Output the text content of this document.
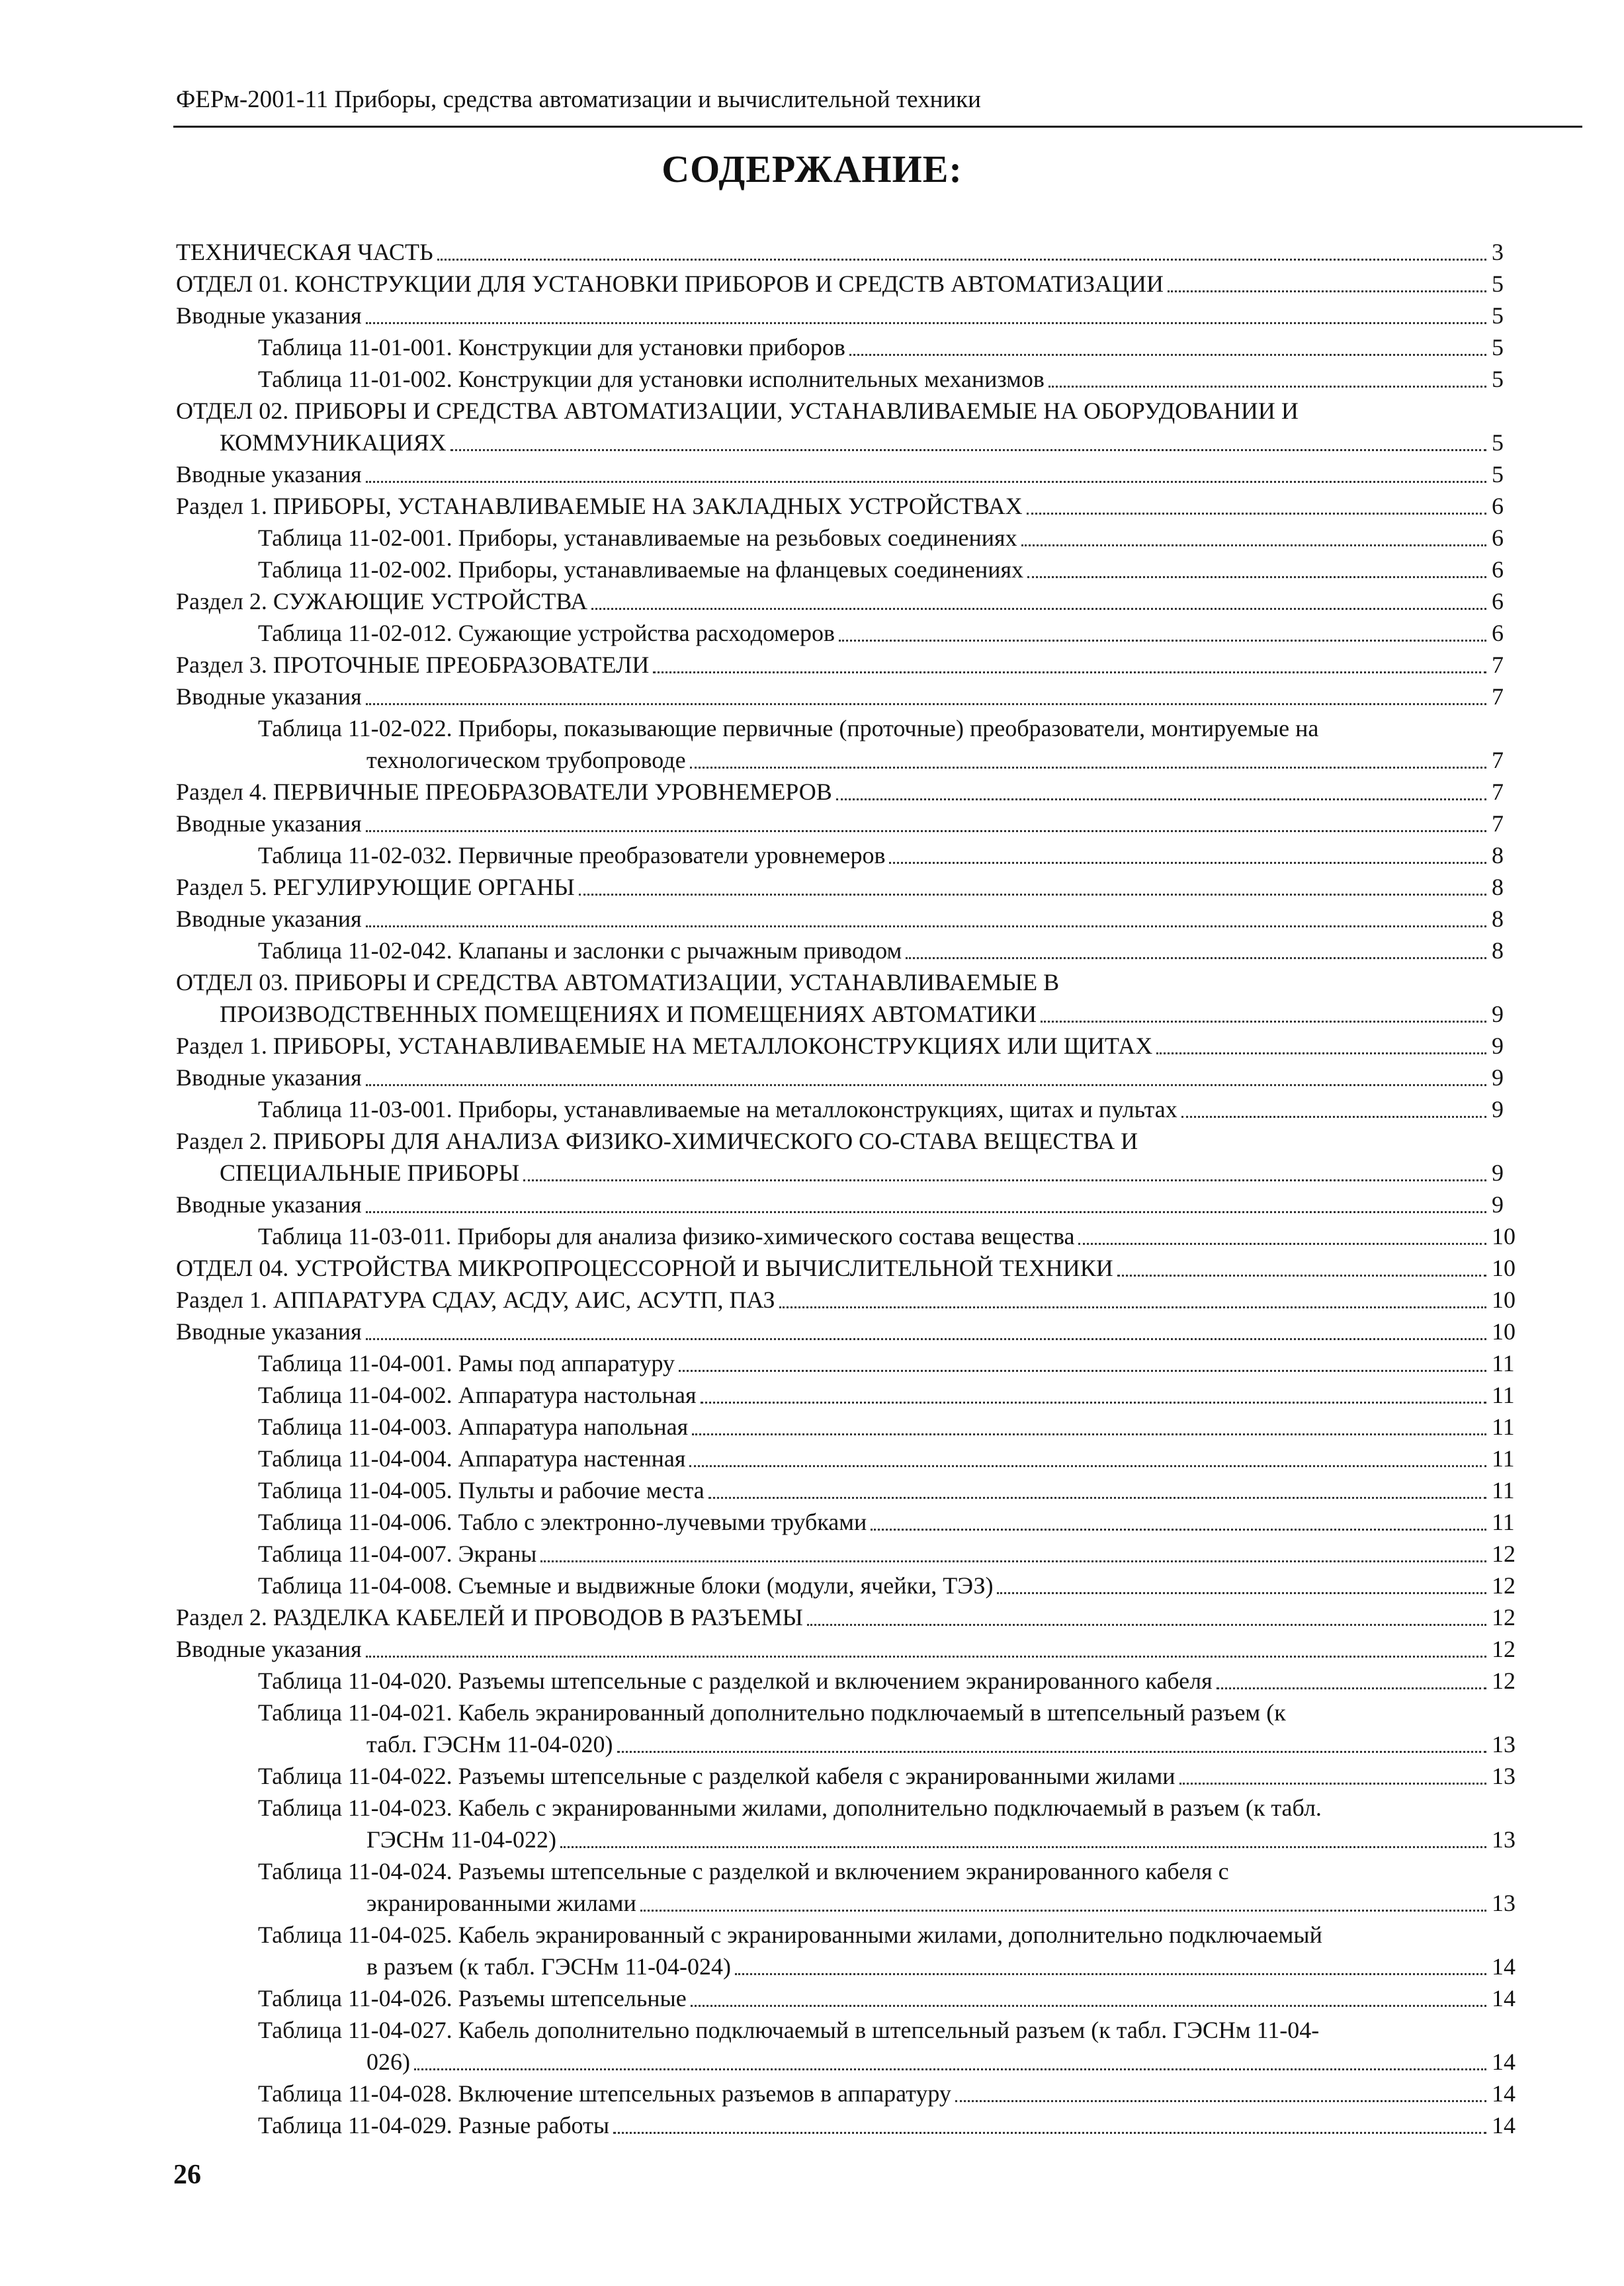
ФЕРм-2001-11 Приборы, средства автоматизации и вычислительной техники
СОДЕРЖАНИЕ:
ТЕХНИЧЕСКАЯ ЧАСТЬ	3
ОТДЕЛ 01. КОНСТРУКЦИИ ДЛЯ УСТАНОВКИ ПРИБОРОВ И СРЕДСТВ АВТОМАТИЗАЦИИ	5
Вводные указания	5
Таблица 11-01-001. Конструкции для установки приборов	5
Таблица 11-01-002. Конструкции для установки исполнительных механизмов	5
ОТДЕЛ 02. ПРИБОРЫ И СРЕДСТВА АВТОМАТИЗАЦИИ, УСТАНАВЛИВАЕМЫЕ НА ОБОРУДОВАНИИ И
КОММУНИКАЦИЯХ	5
Вводные указания	5
Раздел 1. ПРИБОРЫ, УСТАНАВЛИВАЕМЫЕ НА ЗАКЛАДНЫХ УСТРОЙСТВАХ	6
Таблица 11-02-001. Приборы, устанавливаемые на резьбовых соединениях	6
Таблица 11-02-002. Приборы, устанавливаемые на фланцевых соединениях	6
Раздел 2. СУЖАЮЩИЕ УСТРОЙСТВА	6
Таблица 11-02-012. Сужающие устройства расходомеров	6
Раздел 3. ПРОТОЧНЫЕ ПРЕОБРАЗОВАТЕЛИ	7
Вводные указания	7
Таблица 11-02-022. Приборы, показывающие первичные (проточные) преобразователи, монтируемые на
технологическом трубопроводе	7
Раздел 4. ПЕРВИЧНЫЕ ПРЕОБРАЗОВАТЕЛИ УРОВНЕМЕРОВ	7
Вводные указания	7
Таблица 11-02-032. Первичные преобразователи уровнемеров	8
Раздел 5. РЕГУЛИРУЮЩИЕ ОРГАНЫ	8
Вводные указания	8
Таблица 11-02-042. Клапаны и заслонки с рычажным приводом	8
ОТДЕЛ 03. ПРИБОРЫ И СРЕДСТВА АВТОМАТИЗАЦИИ, УСТАНАВЛИВАЕМЫЕ В
ПРОИЗВОДСТВЕННЫХ ПОМЕЩЕНИЯХ И ПОМЕЩЕНИЯХ АВТОМАТИКИ	9
Раздел 1. ПРИБОРЫ, УСТАНАВЛИВАЕМЫЕ НА МЕТАЛЛОКОНСТРУКЦИЯХ ИЛИ ЩИТАХ	9
Вводные указания	9
Таблица 11-03-001. Приборы, устанавливаемые на металлоконструкциях, щитах и пультах	9
Раздел 2. ПРИБОРЫ ДЛЯ АНАЛИЗА ФИЗИКО-ХИМИЧЕСКОГО СО-СТАВА ВЕЩЕСТВА И
СПЕЦИАЛЬНЫЕ ПРИБОРЫ	9
Вводные указания	9
Таблица 11-03-011. Приборы для анализа физико-химического состава вещества	10
ОТДЕЛ 04. УСТРОЙСТВА МИКРОПРОЦЕССОРНОЙ И ВЫЧИСЛИТЕЛЬНОЙ ТЕХНИКИ	10
Раздел 1. АППАРАТУРА СДАУ, АСДУ, АИС, АСУТП, ПАЗ	10
Вводные указания	10
Таблица 11-04-001. Рамы под аппаратуру	11
Таблица 11-04-002. Аппаратура настольная	11
Таблица 11-04-003. Аппаратура напольная	11
Таблица 11-04-004. Аппаратура настенная	11
Таблица 11-04-005. Пульты и рабочие места	11
Таблица 11-04-006. Табло с электронно-лучевыми трубками	11
Таблица 11-04-007. Экраны	12
Таблица 11-04-008. Съемные и выдвижные блоки (модули, ячейки, ТЭЗ)	12
Раздел 2. РАЗДЕЛКА КАБЕЛЕЙ И ПРОВОДОВ В РАЗЪЕМЫ	12
Вводные указания	12
Таблица 11-04-020. Разъемы штепсельные с разделкой и включением экранированного кабеля	12
Таблица 11-04-021. Кабель экранированный дополнительно подключаемый в штепсельный разъем (к
табл. ГЭСНм 11-04-020)	13
Таблица 11-04-022. Разъемы штепсельные с разделкой кабеля с экранированными жилами	13
Таблица 11-04-023. Кабель с экранированными жилами, дополнительно подключаемый в разъем (к табл.
ГЭСНм 11-04-022)	13
Таблица 11-04-024. Разъемы штепсельные с разделкой и включением экранированного кабеля с
экранированными жилами	13
Таблица 11-04-025. Кабель экранированный с экранированными жилами, дополнительно подключаемый
в разъем (к табл. ГЭСНм 11-04-024)	14
Таблица 11-04-026. Разъемы штепсельные	14
Таблица 11-04-027. Кабель дополнительно подключаемый в штепсельный разъем (к табл. ГЭСНм 11-04-
026)	14
Таблица 11-04-028. Включение штепсельных разъемов в аппаратуру	14
Таблица 11-04-029. Разные работы	14
26
